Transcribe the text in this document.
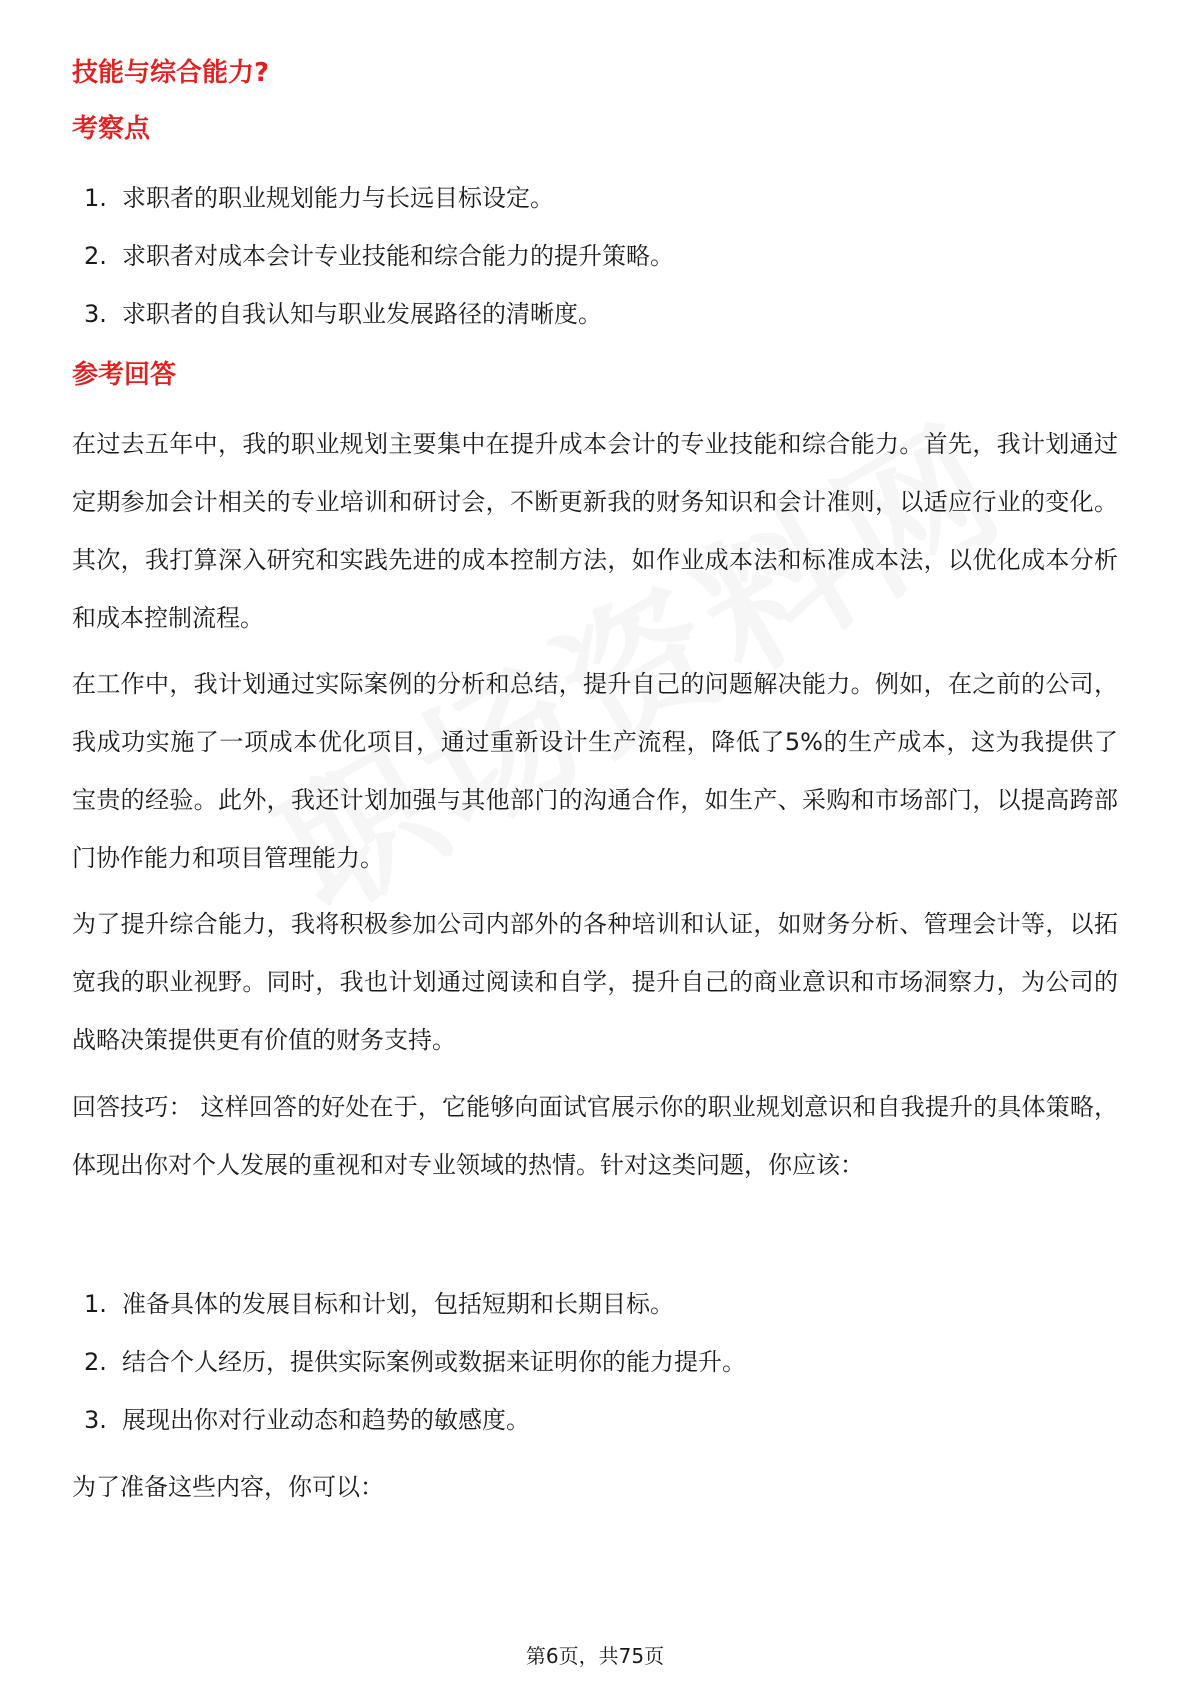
技能与综合能力?
考察点
1. 求职者的职业规划能力与长远目标设定。
2. 求职者对成本会计专业技能和综合能力的提升策略。
3. 求职者的自我认知与职业发展路径的清晰度。
参考回答

在过去五年中，我的职业规划主要集中在提升成本会计的专业技能和综合能力。首先，我计划通过定期参加会计相关的专业培训和研讨会，不断更新我的财务知识和会计准则，以适应行业的变化。其次，我打算深入研究和实践先进的成本控制方法，如作业成本法和标准成本法，以优化成本分析和成本控制流程。

在工作中，我计划通过实际案例的分析和总结，提升自己的问题解决能力。例如，在之前的公司，我成功实施了一项成本优化项目，通过重新设计生产流程，降低了5%的生产成本，这为我提供了宝贵的经验。此外，我还计划加强与其他部门的沟通合作，如生产、采购和市场部门，以提高跨部门协作能力和项目管理能力。

为了提升综合能力，我将积极参加公司内部外的各种培训和认证，如财务分析、管理会计等，以拓宽我的职业视野。同时，我也计划通过阅读和自学，提升自己的商业意识和市场洞察力，为公司的战略决策提供更有价值的财务支持。

回答技巧： 这样回答的好处在于，它能够向面试官展示你的职业规划意识和自我提升的具体策略，体现出你对个人发展的重视和对专业领域的热情。针对这类问题，你应该：

1. 准备具体的发展目标和计划，包括短期和长期目标。
2. 结合个人经历，提供实际案例或数据来证明你的能力提升。
3. 展现出你对行业动态和趋势的敏感度。

为了准备这些内容，你可以：

第6页，共75页
